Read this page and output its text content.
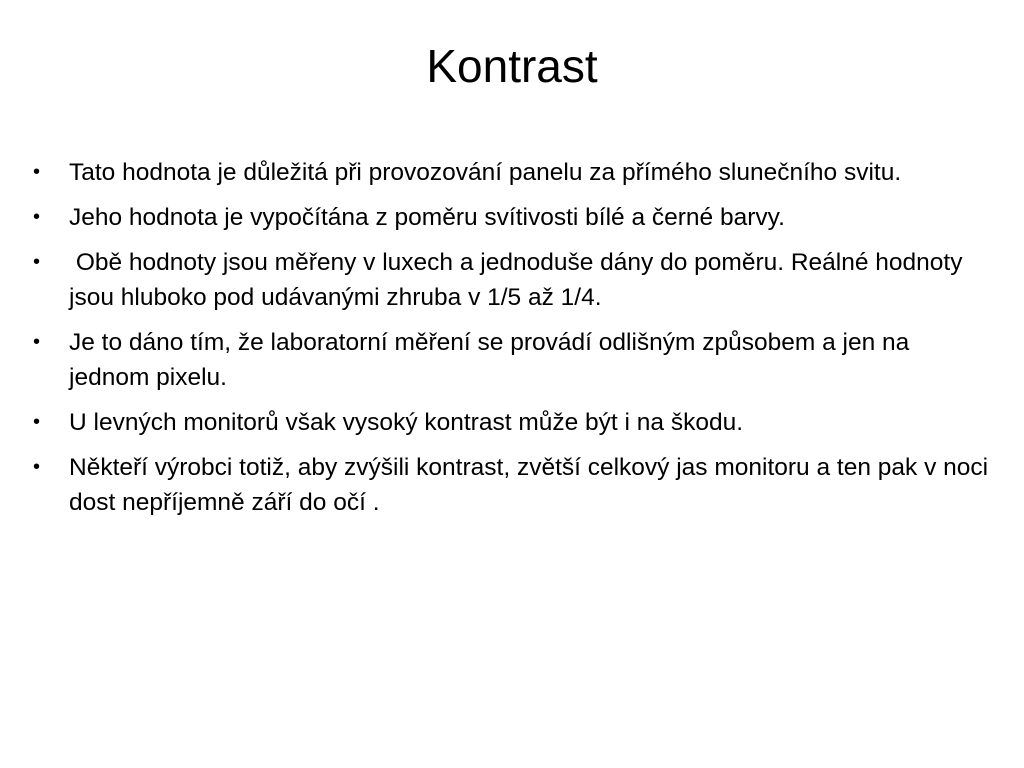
Kontrast
•	Tato hodnota je důležitá při provozování panelu za přímého slunečního svitu.
•	Jeho hodnota je vypočítána z poměru svítivosti bílé a černé barvy.
•	Obě hodnoty jsou měřeny v luxech a jednoduše dány do poměru. Reálné hodnoty jsou hluboko pod udávanými zhruba v 1/5 až 1/4.
•	Je to dáno tím, že laboratorní měření se provádí odlišným způsobem a jen na jednom pixelu.
•	U levných monitorů však vysoký kontrast může být i na škodu.
•	Někteří výrobci totiž, aby zvýšili kontrast, zvětší celkový jas monitoru a ten pak v noci dost nepříjemně září do očí .
